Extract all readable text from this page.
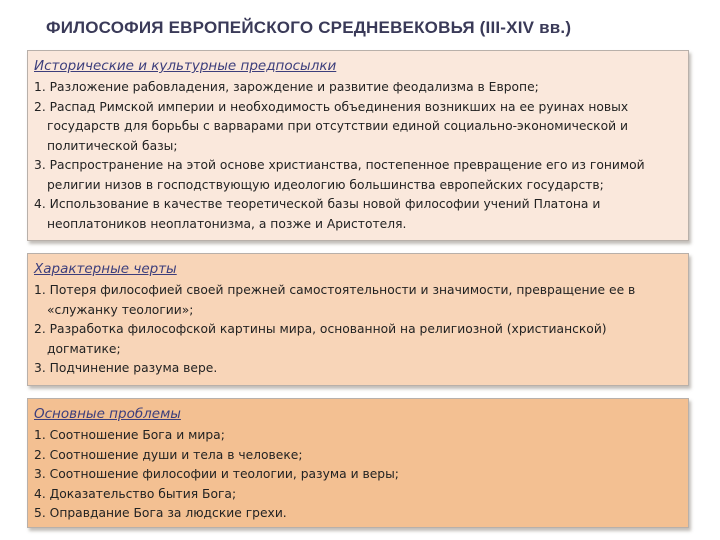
ФИЛОСОФИЯ ЕВРОПЕЙСКОГО СРЕДНЕВЕКОВЬЯ (III-XIV вв.)
Исторические и культурные предпосылки
1. Разложение рабовладения, зарождение и развитие феодализма в Европе;
2. Распад Римской империи и необходимость объединения возникших на ее руинах новых
государств для борьбы с варварами при отсутствии единой социально-экономической и
политической базы;
3. Распространение на этой основе христианства, постепенное превращение его из гонимой
религии низов в господствующую идеологию большинства европейских государств;
4. Использование в качестве теоретической базы новой философии учений Платона и
неоплатоников неоплатонизма, а позже и Аристотеля.
Характерные черты
1. Потеря философией своей прежней самостоятельности и значимости, превращение ее в
«служанку теологии»;
2. Разработка философской картины мира, основанной на религиозной (христианской)
догматике;
3. Подчинение разума вере.
Основные проблемы
1. Соотношение Бога и мира;
2. Соотношение души и тела в человеке;
3. Соотношение философии и теологии, разума и веры;
4. Доказательство бытия Бога;
5. Оправдание Бога за людские грехи.
